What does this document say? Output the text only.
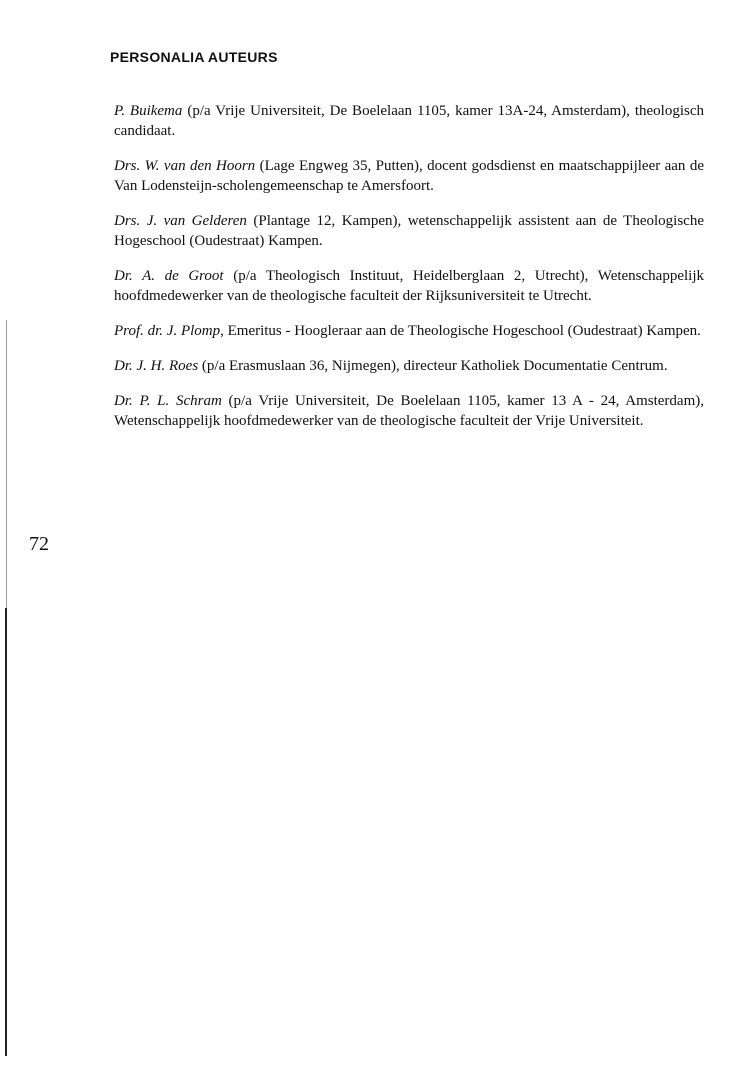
PERSONALIA AUTEURS

P. Buikema (p/a Vrije Universiteit, De Boelelaan 1105, kamer 13A-24, Amsterdam), theologisch candidaat.

Drs. W. van den Hoorn (Lage Engweg 35, Putten), docent godsdienst en maatschappijleer aan de Van Lodensteijn-scholengemeenschap te Amersfoort.

Drs. J. van Gelderen (Plantage 12, Kampen), wetenschappelijk assistent aan de Theologische Hogeschool (Oudestraat) Kampen.

Dr. A. de Groot (p/a Theologisch Instituut, Heidelberglaan 2, Utrecht), Wetenschappelijk hoofdmedewerker van de theologische faculteit der Rijksuniversiteit te Utrecht.

Prof. dr. J. Plomp, Emeritus - Hoogleraar aan de Theologische Hogeschool (Oudestraat) Kampen.

Dr. J. H. Roes (p/a Erasmuslaan 36, Nijmegen), directeur Katholiek Documentatie Centrum.

Dr. P. L. Schram (p/a Vrije Universiteit, De Boelelaan 1105, kamer 13 A - 24, Amsterdam), Wetenschappelijk hoofdmedewerker van de theologische faculteit der Vrije Universiteit.

72
